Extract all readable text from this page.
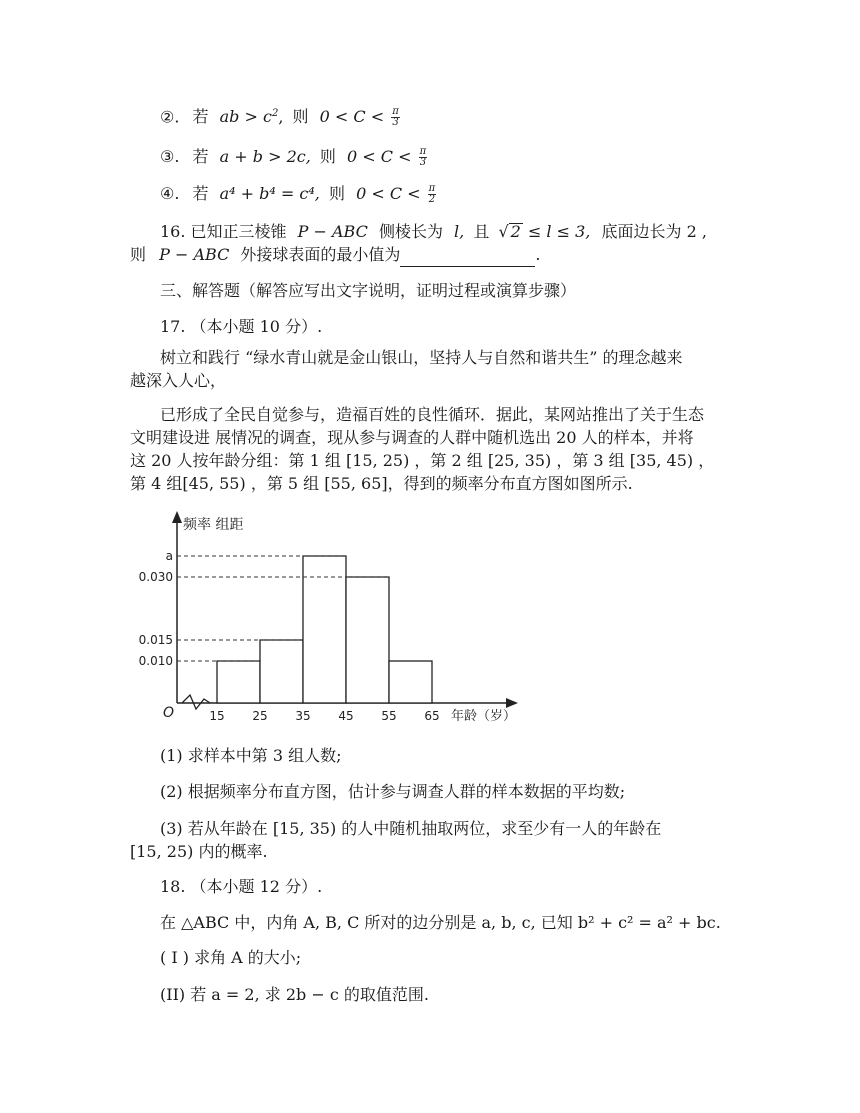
②. 若 ab > $c^2$, 则 $0 < C < \frac{\pi}{3}$
③. 若 a + b > 2c, 则 $0 < C < \frac{\pi}{3}$
④. 若 a⁴ + b⁴ = c⁴, 则 $0 < C < \frac{\pi}{2}$
16. 已知正三棱锥 P − ABC 侧棱长为 l, 且 √ 2 ≤ l ≤ 3, 底面边长为 2 ,
则 P − ABC 外接球表面的最小值为	.
三、解答题（解答应写出文字说明，证明过程或演算步骤）
17. （本小题 10 分）.
树立和践行 “绿水青山就是金山银山，坚持人与自然和谐共生” 的理念越来
越深入人心，
已形成了全民自觉参与，造福百姓的良性循环．据此，某网站推出了关于生态
文明建设进 展情况的调查，现从参与调查的人群中随机选出 20 人的样本，并将
这 20 人按年龄分组：第 1 组 [15, 25) ，第 2 组 [25, 35) ，第 3 组 [35, 45) ，
第 4 组[45, 55) ，第 5 组 [55, 65]，得到的频率分布直方图如图所示.
a
0.030
0.015
0.010
15 25 35 45 55 65
O
频率 组距
年龄（岁）
(1) 求样本中第 3 组人数;
(2) 根据频率分布直方图，估计参与调查人群的样本数据的平均数;
(3) 若从年龄在 [15, 35) 的人中随机抽取两位，求至少有一人的年龄在
[15, 25) 内的概率.
18. （本小题 12 分）.
在 △ABC 中，内角 A, B, C 所对的边分别是 a, b, c, 已知 b² + c² = a² + bc.
( Ⅰ ) 求角 A 的大小;
(II) 若 a = 2, 求 2b − c 的取值范围.
